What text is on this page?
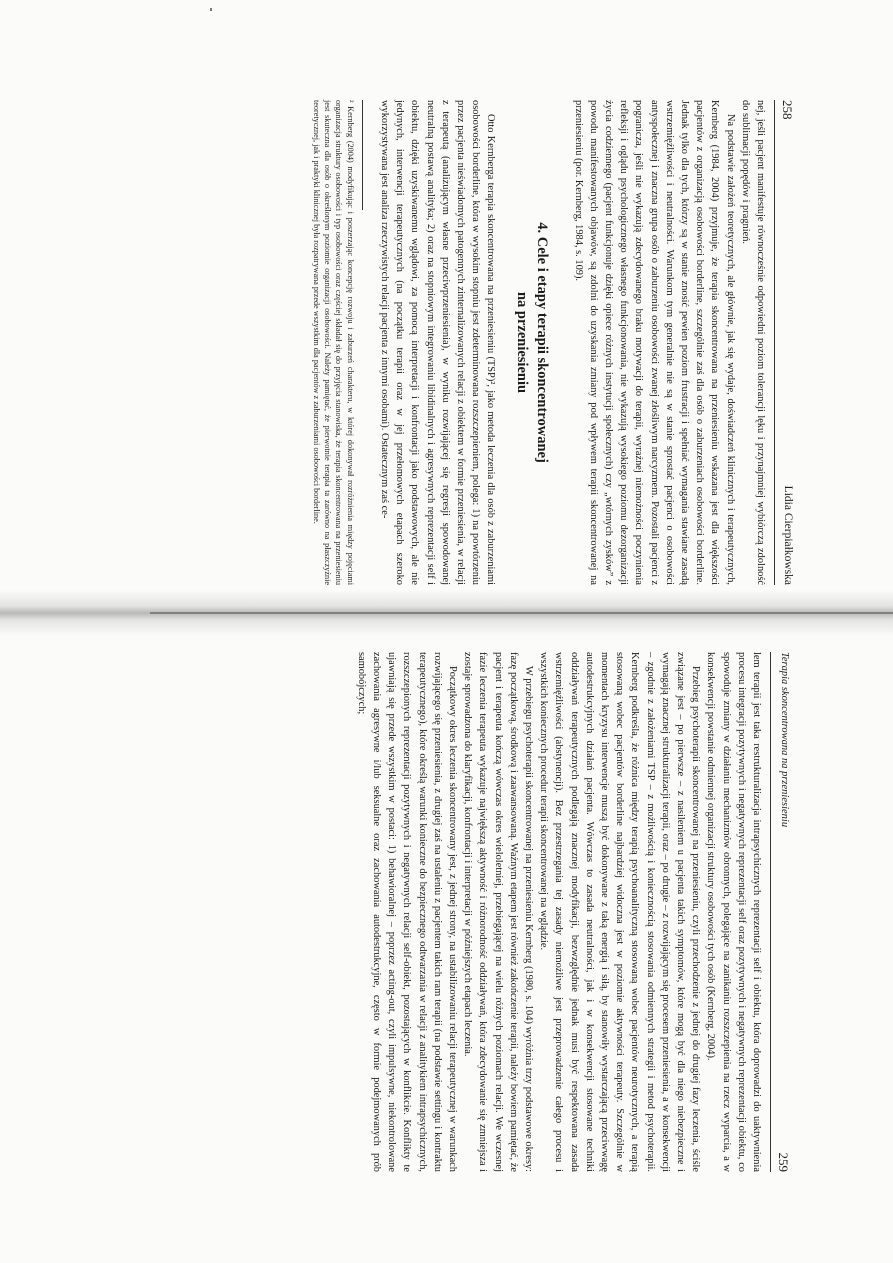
258
Lidia Cierpiałkowska

nej, jeśli pacjent manifestuje równocześnie odpowiedni poziom tolerancji lęku i przynajmniej wybiórczą zdolność do sublimacji popędów i pragnień.

Na podstawie założeń teoretycznych, ale głównie, jak się wydaje, doświadczeń klinicznych i terapeutycznych, Kernberg (1984, 2004) przyjmuje, że terapia skoncentrowana na przeniesieniu wskazana jest dla większości pacjentów z organizacją osobowości borderline, szczególnie zaś dla osób o zaburzeniach osobowości borderline. Jednak tylko dla tych, którzy są w stanie znosić pewien poziom frustracji i spełniać wymagania stawiane zasadą wstrzemięźliwości i neutralności. Warunkom tym generalnie nie są w stanie sprostać pacjenci o osobowości antyspołecznej i znaczna grupa osób o zaburzeniu osobowości zwanej złośliwym narcyzmem. Pozostali pacjenci z pogranicza, jeśli nie wykazują zdecydowanego braku motywacji do terapii, wyraźnej niemożności poczynienia refleksji i oglądu psychologicznego własnego funkcjonowania, nie wykazują wysokiego poziomu dezorganizacji życia codziennego (pacjent funkcjonuje dzięki opiece różnych instytucji społecznych) czy „wtórnych zysków” z powodu manifestowanych objawów, są zdolni do uzyskania zmiany pod wpływem terapii skoncentrowanej na przeniesieniu (por. Kernberg, 1984, s. 109).

4. Cele i etapy terapii skoncentrowanej
na przeniesieniu

Otto Kernberga terapia skoncentrowana na przeniesieniu (TSP)², jako metoda leczenia dla osób z zaburzeniami osobowości borderline, która w wysokim stopniu jest zdeterminowana rozszczepieniem, polega: 1) na powtórzeniu przez pacjenta nieświadomych patogennych zinternalizowanych relacji z obiektem w formie przeniesienia, w relacji z terapeutą (analizującym własne przeciwprzeniesienia), w wyniku rozwijającej się regresji spowodowanej neutralną postawą analityka; 2) oraz na stopniowym integrowaniu libidinalnych i agresywnych reprezentacji self i obiektu, dzięki uzyskiwanemu wglądowi, za pomocą interpretacji i konfrontacji jako podstawowych, ale nie jedynych, interwencji terapeutycznych (na początku terapii oraz w jej przełomowych etapach szeroko wykorzystywana jest analiza rzeczywistych relacji pacjenta z innymi osobami). Ostatecznym zaś ce-

² Kernberg (2004) modyfikując i poszerzając koncepcję rozwoju i zaburzeń charakteru, w której dokonywał rozróżnienia między pojęciami organizacja struktury osobowości i typ osobowości oraz częściej składał się do przyjęcia stanowiska, że terapia skoncentrowana na przeniesieniu jest skuteczna dla osób o określonym poziomie organizacji osobowości. Należy pamiętać, że pierwotnie terapia ta zarówno na płaszczyźnie teoretycznej, jak i praktyki klinicznej była rozpatrywana przede wszystkim dla pacjentów z zaburzeniami osobowości borderline.

Terapia skoncentrowana na przeniesieniu
259

lem terapii jest taka restrukturalizacja intrapsychicznych reprezentacji self i obiektu, która doprowadzi do uaktywnienia procesu integracji pozytywnych i negatywnych reprezentacji self oraz pozytywnych i negatywnych reprezentacji obiektu, co spowoduje zmiany w działaniu mechanizmów obronnych, polegające na zanikaniu rozszczepienia na rzecz wyparcia, a w konsekwencji powstanie odmiennej organizacji struktury osobowości tych osób (Kernberg, 2004).

Przebieg psychoterapii skoncentrowanej na przeniesieniu, czyli przechodzenie z jednej do drugiej fazy leczenia, ściśle związane jest – po pierwsze – z nasileniem u pacjenta takich symptomów, które mogą być dla niego niebezpieczne i wymagają znacznej strukturalizacji terapii, oraz – po drugie – z rozwijającym się procesem przeniesienia, a w konsekwencji – zgodnie z założeniami TSP – z możliwością i koniecznością stosowania odmiennych strategii i metod psychoterapii. Kernberg podkreśla, że różnica między terapią psychoanalityczną stosowaną wobec pacjentów neurotycznych, a terapią stosowaną wobec pacjentów borderline najbardziej widoczna jest w poziomie aktywności terapeuty. Szczególnie w momentach kryzysu interwencje muszą być dokonywane z taką energią i siłą, by stanowiły wystarczającą przeciwwagę autodestrukcyjnych działań pacjenta. Wówczas to zasada neutralności, jak i w konsekwencji stosowane techniki oddziaływań terapeutycznych podlegają znacznej modyfikacji, bezwzględnie jednak musi być respektowana zasada wstrzemięźliwości (abstynencji). Bez przestrzegania tej zasady niemożliwe jest przeprowadzenie całego procesu i wszystkich koniecznych procedur terapii skoncentrowanej na wglądzie.

W przebiegu psychoterapii skoncentrowanej na przeniesieniu Kernberg (1980, s. 104) wyróżnia trzy podstawowe okresy: fazę początkową, środkową i zaawansowaną. Ważnym etapem jest również zakończenie terapii, należy bowiem pamiętać, że pacjent i terapeuta kończą wówczas okres wieloletniej, przebiegającej na wielu różnych poziomach relacji. We wczesnej fazie leczenia terapeuta wykazuje największą aktywność i różnorodność oddziaływań, która zdecydowanie się zmniejsza i zostaje sprowadzona do klaryfikacji, konfrontacji i interpretacji w późniejszych etapach leczenia.

Początkowy okres leczenia skoncentrowany jest, z jednej strony, na ustabilizowaniu relacji terapeutycznej w warunkach rozwijającego się przeniesienia, z drugiej zaś na ustaleniu z pacjentem takich ram terapii (na podstawie settingu i kontraktu terapeutycznego), które określą warunki konieczne do bezpiecznego odtwarzania w relacji z analitykiem intrapsychicznych, rozszczepionych reprezentacji pozytywnych i negatywnych relacji self-obiekt, pozostających w konflikcie. Konflikty te ujawniają się przede wszystkim w postaci: 1) behawioralnej – poprzez acting-out, czyli impulsywne, niekontrolowane zachowania agresywne i/lub seksualne oraz zachowania autodestrukcyjne, często w formie podejmowanych prób samobójczych;
